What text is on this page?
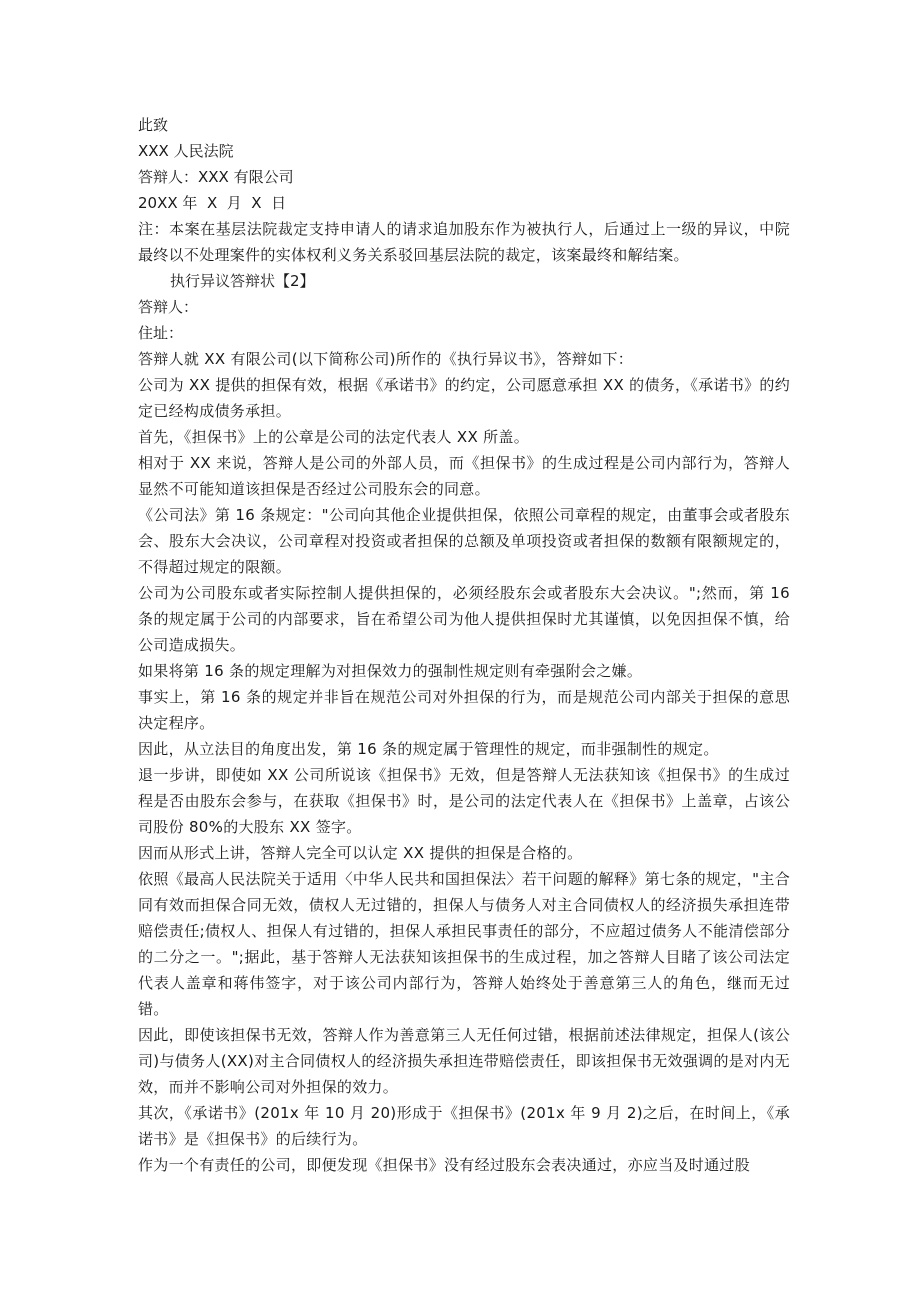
此致

XXX 人民法院

答辩人：XXX 有限公司

20XX 年  X  月  X  日

注：本案在基层法院裁定支持申请人的请求追加股东作为被执行人，后通过上一级的异议，中院最终以不处理案件的实体权利义务关系驳回基层法院的裁定，该案最终和解结案。

执行异议答辩状【2】

答辩人：

住址：

答辩人就 XX 有限公司(以下简称公司)所作的《执行异议书》，答辩如下：

公司为 XX 提供的担保有效，根据《承诺书》的约定，公司愿意承担 XX 的债务，《承诺书》的约定已经构成债务承担。

首先，《担保书》上的公章是公司的法定代表人 XX 所盖。

相对于 XX 来说，答辩人是公司的外部人员，而《担保书》的生成过程是公司内部行为，答辩人显然不可能知道该担保是否经过公司股东会的同意。

《公司法》第 16 条规定："公司向其他企业提供担保，依照公司章程的规定，由董事会或者股东会、股东大会决议，公司章程对投资或者担保的总额及单项投资或者担保的数额有限额规定的，不得超过规定的限额。

公司为公司股东或者实际控制人提供担保的，必须经股东会或者股东大会决议。";然而，第 16 条的规定属于公司的内部要求，旨在希望公司为他人提供担保时尤其谨慎，以免因担保不慎，给公司造成损失。

如果将第 16 条的规定理解为对担保效力的强制性规定则有牵强附会之嫌。

事实上，第 16 条的规定并非旨在规范公司对外担保的行为，而是规范公司内部关于担保的意思决定程序。

因此，从立法目的角度出发，第 16 条的规定属于管理性的规定，而非强制性的规定。

退一步讲，即使如 XX 公司所说该《担保书》无效，但是答辩人无法获知该《担保书》的生成过程是否由股东会参与，在获取《担保书》时，是公司的法定代表人在《担保书》上盖章，占该公司股份 80%的大股东 XX 签字。

因而从形式上讲，答辩人完全可以认定 XX 提供的担保是合格的。

依照《最高人民法院关于适用〈中华人民共和国担保法〉若干问题的解释》第七条的规定，"主合同有效而担保合同无效，债权人无过错的，担保人与债务人对主合同债权人的经济损失承担连带赔偿责任;债权人、担保人有过错的，担保人承担民事责任的部分，不应超过债务人不能清偿部分的二分之一。";据此，基于答辩人无法获知该担保书的生成过程，加之答辩人目睹了该公司法定代表人盖章和蒋伟签字，对于该公司内部行为，答辩人始终处于善意第三人的角色，继而无过错。

因此，即使该担保书无效，答辩人作为善意第三人无任何过错，根据前述法律规定，担保人(该公司)与债务人(XX)对主合同债权人的经济损失承担连带赔偿责任，即该担保书无效强调的是对内无效，而并不影响公司对外担保的效力。

其次，《承诺书》(201x 年 10 月 20)形成于《担保书》(201x 年 9 月 2)之后，在时间上，《承诺书》是《担保书》的后续行为。

作为一个有责任的公司，即便发现《担保书》没有经过股东会表决通过，亦应当及时通过股
